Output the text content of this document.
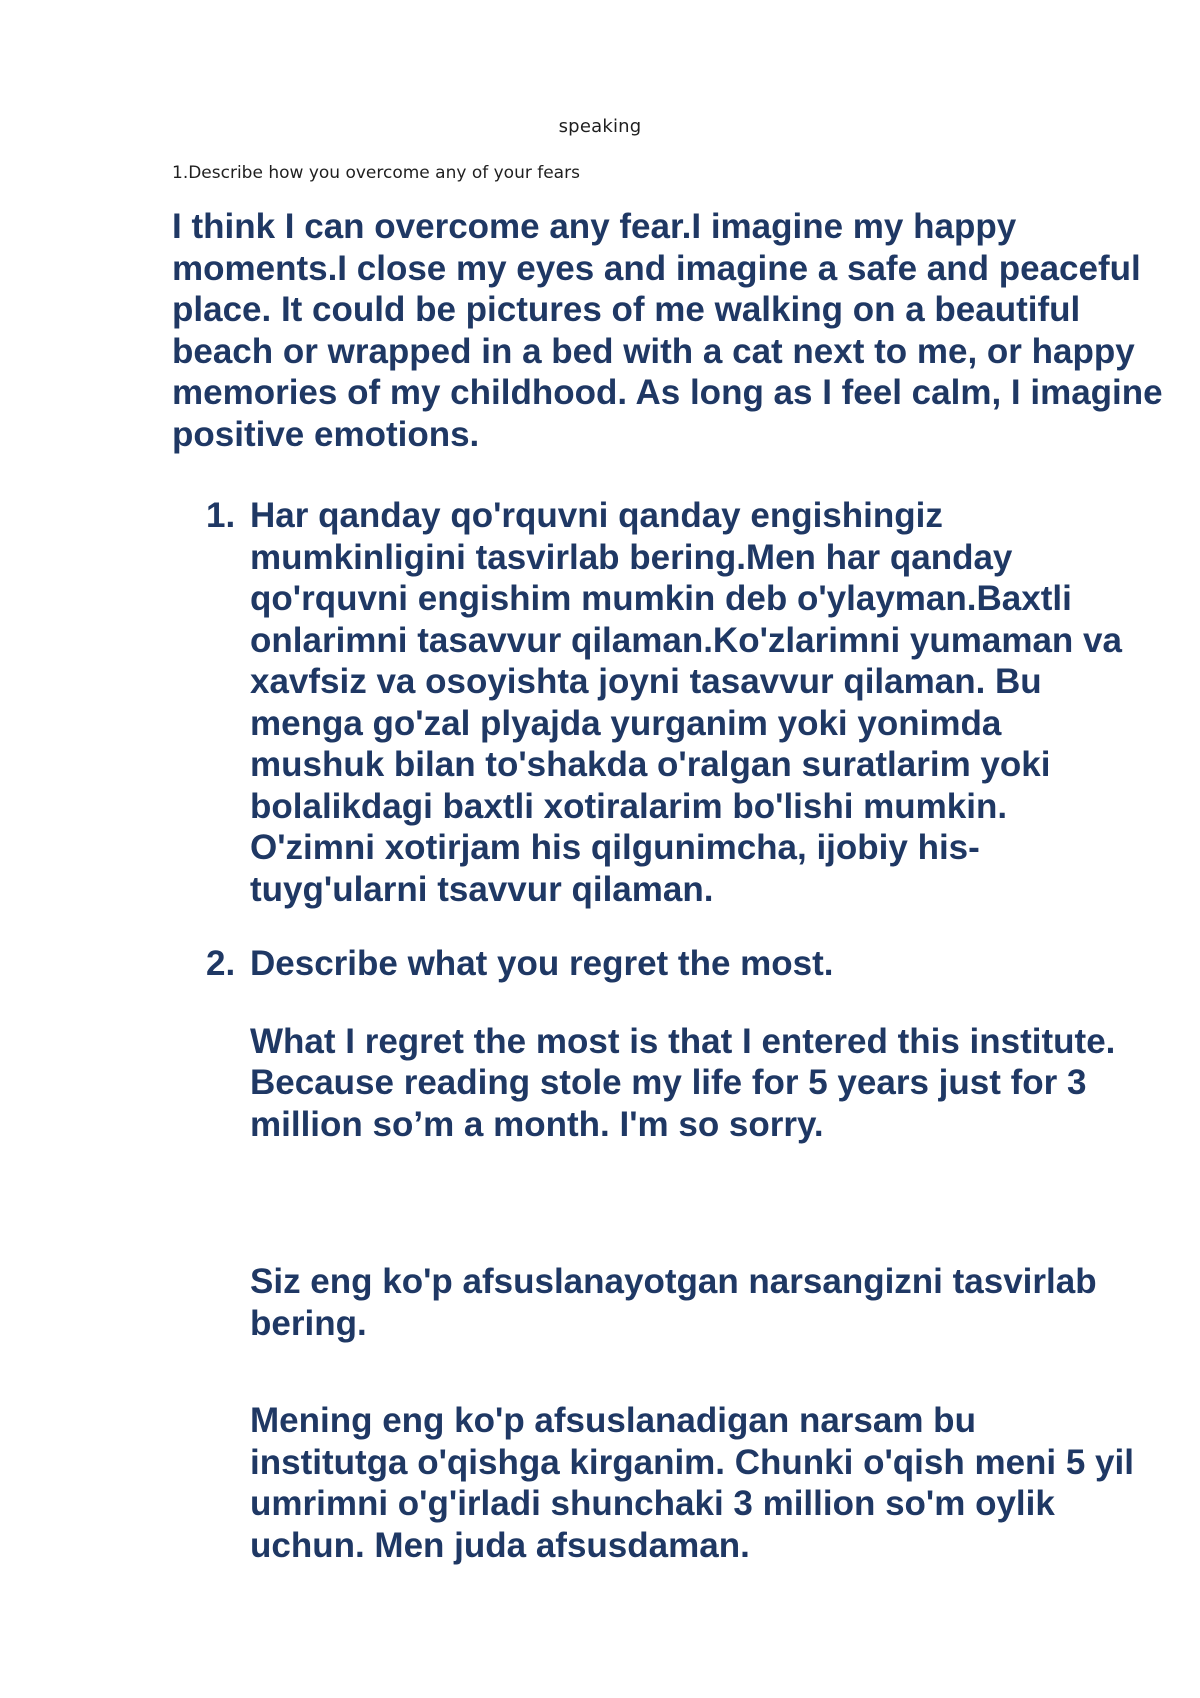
speaking
1.Describe how you overcome any of your fears

I think I can overcome any fear.I imagine my happy moments.I close my eyes and imagine a safe and peaceful place. It could be pictures of me walking on a beautiful beach or wrapped in a bed with a cat next to me, or happy memories of my childhood. As long as I feel calm, I imagine positive emotions.

1. Har qanday qo'rquvni qanday engishingiz mumkinligini tasvirlab bering.Men har qanday qo'rquvni engishim mumkin deb o'ylayman.Baxtli onlarimni tasavvur qilaman.Ko'zlarimni yumaman va xavfsiz va osoyishta joyni tasavvur qilaman. Bu menga go'zal plyajda yurganim yoki yonimda mushuk bilan to'shakda o'ralgan suratlarim yoki bolalikdagi baxtli xotiralarim bo'lishi mumkin. O'zimni xotirjam his qilgunimcha, ijobiy his-tuyg'ularni tsavvur qilaman.

2. Describe what you regret the most.

What I regret the most is that I entered this institute. Because reading stole my life for 5 years just for 3 million so’m a month. I'm so sorry.

Siz eng ko'p afsuslanayotgan narsangizni tasvirlab bering.

Mening eng ko'p afsuslanadigan narsam bu institutga o'qishga kirganim. Chunki o'qish meni 5 yil umrimni o'g'irladi shunchaki 3 million so'm oylik uchun. Men juda afsusdaman.
